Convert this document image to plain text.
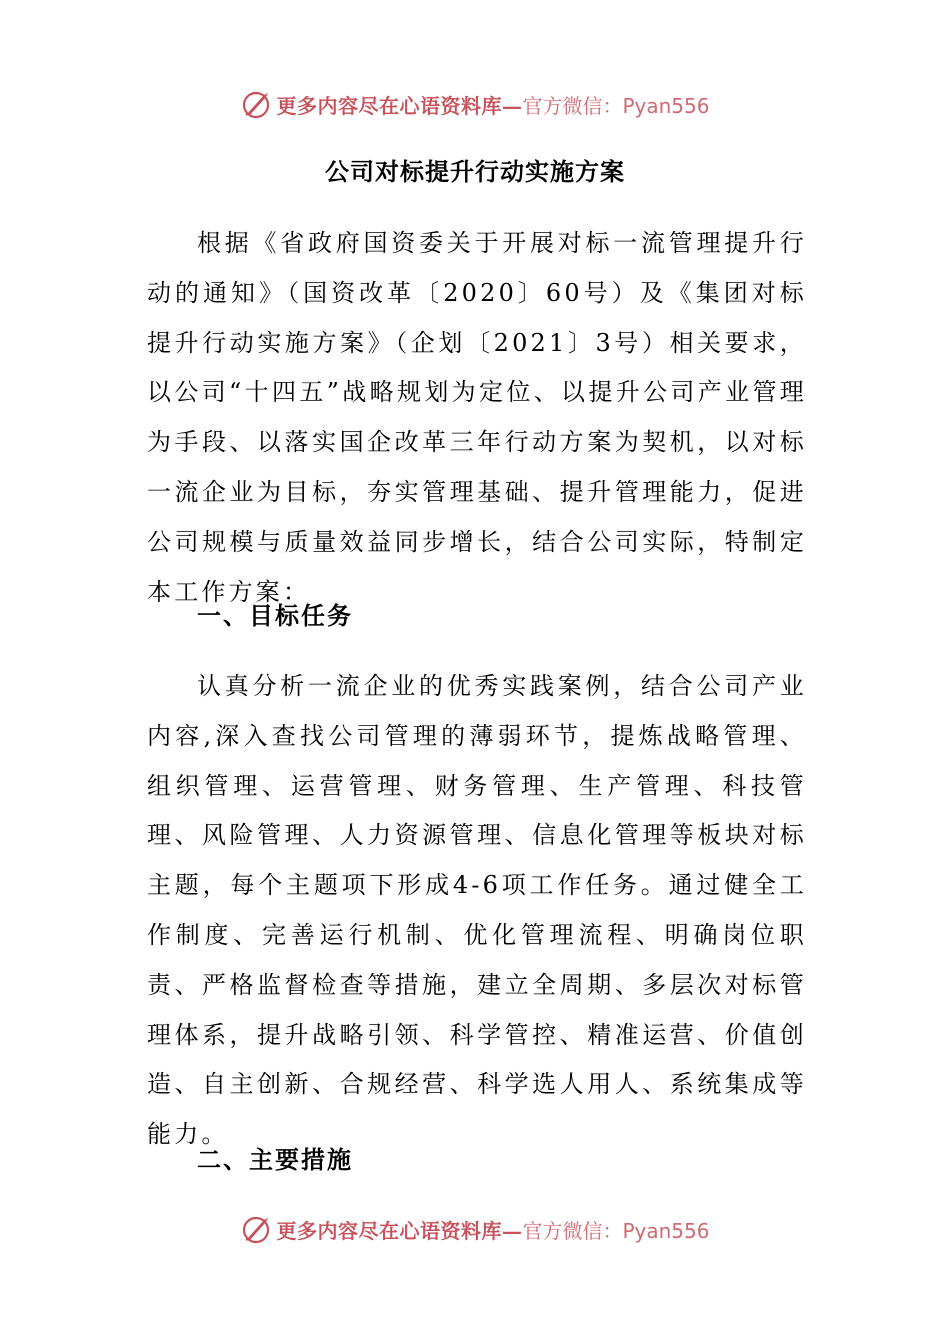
更多内容尽在心语资料库— 官方微信：Pyan556
公司对标提升行动实施方案

根据《省政府国资委关于开展对标一流管理提升行动的通知》（国资改革〔2020〕60号）及《集团对标提升行动实施方案》（企划〔2021〕3号）相关要求，以公司“十四五”战略规划为定位、以提升公司产业管理为手段、以落实国企改革三年行动方案为契机，以对标一流企业为目标，夯实管理基础、提升管理能力，促进公司规模与质量效益同步增长，结合公司实际，特制定本工作方案：

一、目标任务

认真分析一流企业的优秀实践案例，结合公司产业内容,深入查找公司管理的薄弱环节，提炼战略管理、组织管理、运营管理、财务管理、生产管理、科技管理、风险管理、人力资源管理、信息化管理等板块对标主题，每个主题项下形成4-6项工作任务。通过健全工作制度、完善运行机制、优化管理流程、明确岗位职责、严格监督检查等措施，建立全周期、多层次对标管理体系，提升战略引领、科学管控、精准运营、价值创造、自主创新、合规经营、科学选人用人、系统集成等能力。

二、主要措施
更多内容尽在心语资料库— 官方微信：Pyan556
